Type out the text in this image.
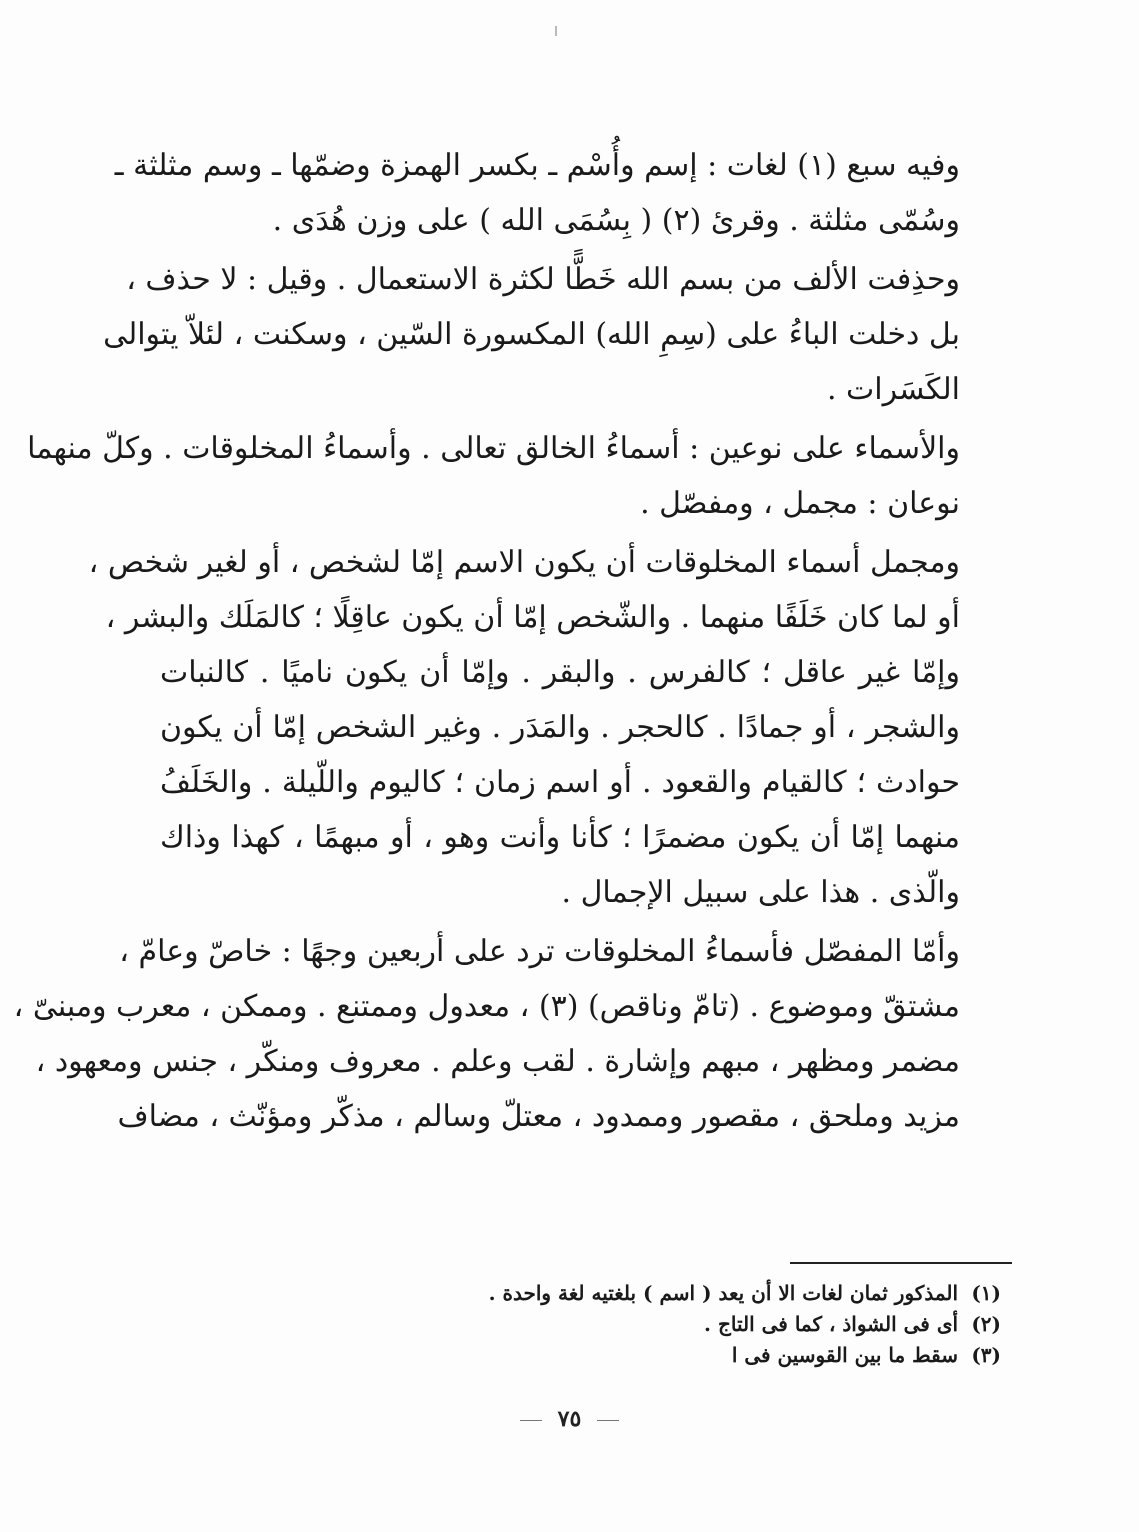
وفيه سبع (١) لغات : إسم وأُسْم ـ بكسر الهمزة وضمّها ـ وسم مثلثة ـ
وسُمّى مثلثة . وقرئ (٢) ( بِسُمَى الله ) على وزن هُدَى .

وحذِفت الألف من بسم الله خَطًّا لكثرة الاستعمال . وقيل : لا حذف ،
بل دخلت الباءُ على (سِمِ الله) المكسورة السّين ، وسكنت ، لئلاّ يتوالى
الكَسَرات .

والأسماء على نوعين : أسماءُ الخالق تعالى . وأسماءُ المخلوقات . وكلّ منهما
نوعان : مجمل ، ومفصّل .

ومجمل أسماء المخلوقات أن يكون الاسم إمّا لشخص ، أو لغير شخص ،
أو لما كان خَلَفًا منهما . والشّخص إمّا أن يكون عاقِلًا ؛ كالمَلَك والبشر ،
وإمّا غير عاقل ؛ كالفرس . والبقر . وإمّا أن يكون ناميًا . كالنبات
والشجر ، أو جمادًا . كالحجر . والمَدَر . وغير الشخص إمّا أن يكون
حوادث ؛ كالقيام والقعود . أو اسم زمان ؛ كاليوم واللّيلة . والخَلَفُ
منهما إمّا أن يكون مضمرًا ؛ كأنا وأنت وهو ، أو مبهمًا ، كهذا وذاك
والّذى . هذا على سبيل الإجمال .

وأمّا المفصّل فأسماءُ المخلوقات ترد على أربعين وجهًا : خاصّ وعامّ ،
مشتقّ وموضوع . (تامّ وناقص) (٣) ، معدول وممتنع . وممكن ، معرب ومبنىّ ،
مضمر ومظهر ، مبهم وإشارة . لقب وعلم . معروف ومنكّر ، جنس ومعهود ،
مزيد وملحق ، مقصور وممدود ، معتلّ وسالم ، مذكّر ومؤنّث ، مضاف

(١) المذكور ثمان لغات الا أن يعد ( اسم ) بلغتيه لغة واحدة .
(٢) أى فى الشواذ ، كما فى التاج .
(٣) سقط ما بين القوسين فى ا
٧٥
